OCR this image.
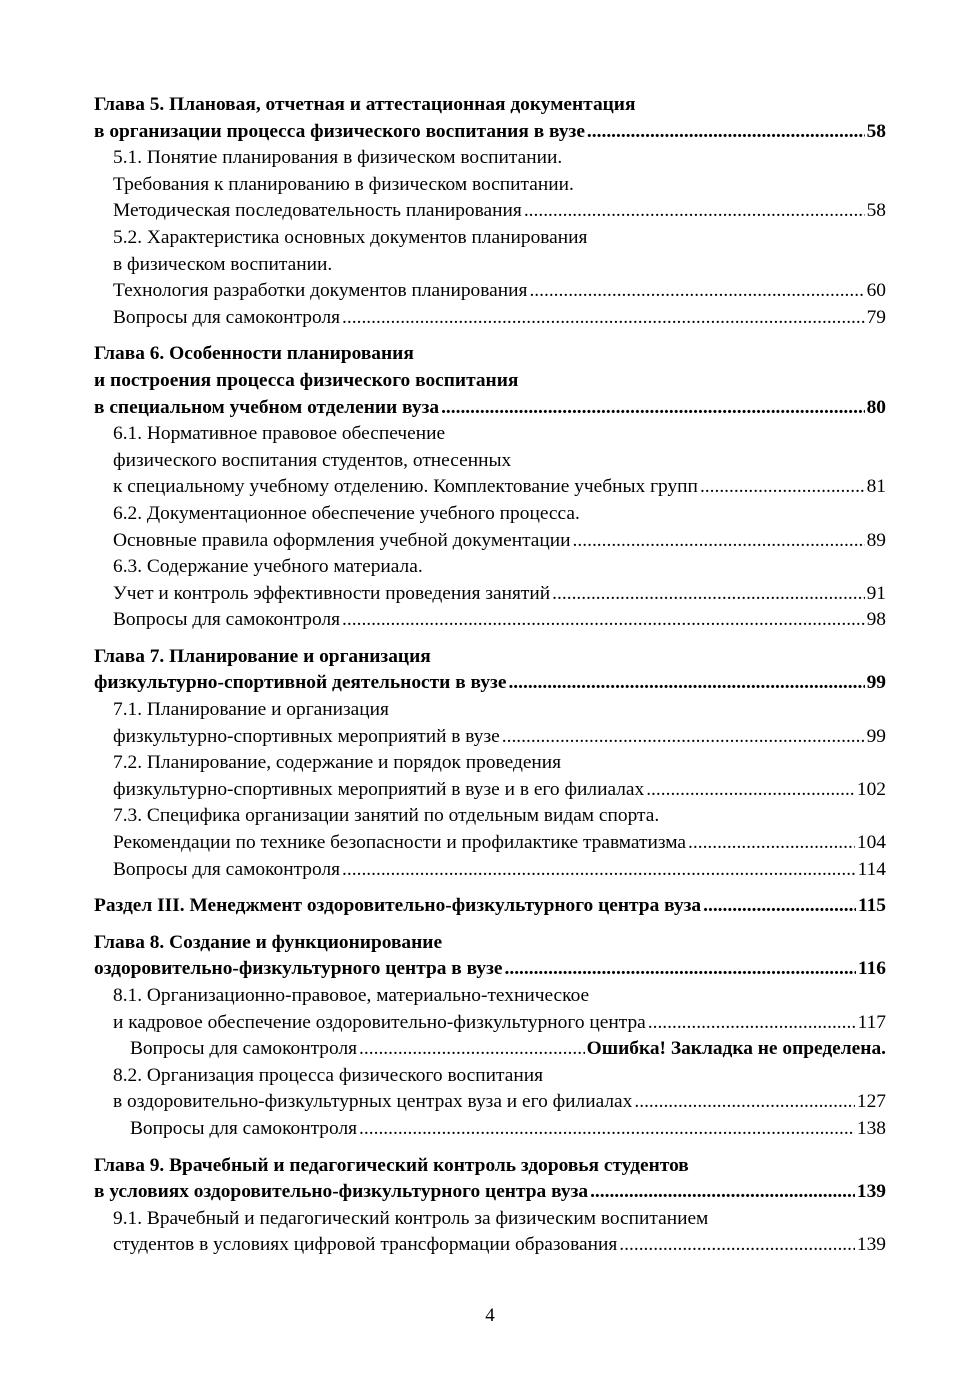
Глава 5. Плановая, отчетная и аттестационная документация
в организации процесса физического воспитания в вузе .....	58
5.1. Понятие планирования в физическом воспитании.
Требования к планированию в физическом воспитании.
Методическая последовательность планирования .....	58
5.2. Характеристика основных документов планирования
в физическом воспитании.
Технология разработки документов планирования .....	60
Вопросы для самоконтроля .....	79
Глава 6. Особенности планирования
и построения процесса физического воспитания
в специальном учебном отделении вуза .....	80
6.1. Нормативное правовое обеспечение
физического воспитания студентов, отнесенных
к специальному учебному отделению. Комплектование учебных групп .....	81
6.2. Документационное обеспечение учебного процесса.
Основные правила оформления учебной документации .....	89
6.3. Содержание учебного материала.
Учет и контроль эффективности проведения занятий .....	91
Вопросы для самоконтроля .....	98
Глава 7. Планирование и организация
физкультурно-спортивной деятельности в вузе .....	99
7.1. Планирование и организация
физкультурно-спортивных мероприятий в вузе .....	99
7.2. Планирование, содержание и порядок проведения
физкультурно-спортивных мероприятий в вузе и в его филиалах .....	102
7.3. Специфика организации занятий по отдельным видам спорта.
Рекомендации по технике безопасности и профилактике травматизма .....	104
Вопросы для самоконтроля .....	114
Раздел III. Менеджмент оздоровительно-физкультурного центра вуза .....	115
Глава 8. Создание и функционирование
оздоровительно-физкультурного центра в вузе .....	116
8.1. Организационно-правовое, материально-техническое
и кадровое обеспечение оздоровительно-физкультурного центра .....	117
Вопросы для самоконтроля .....	Ошибка! Закладка не определена.
8.2. Организация процесса физического воспитания
в оздоровительно-физкультурных центрах вуза и его филиалах .....	127
Вопросы для самоконтроля .....	138
Глава 9. Врачебный и педагогический контроль здоровья студентов
в условиях оздоровительно-физкультурного центра вуза .....	139
9.1. Врачебный и педагогический контроль за физическим воспитанием
студентов в условиях цифровой трансформации образования .....	139
4
